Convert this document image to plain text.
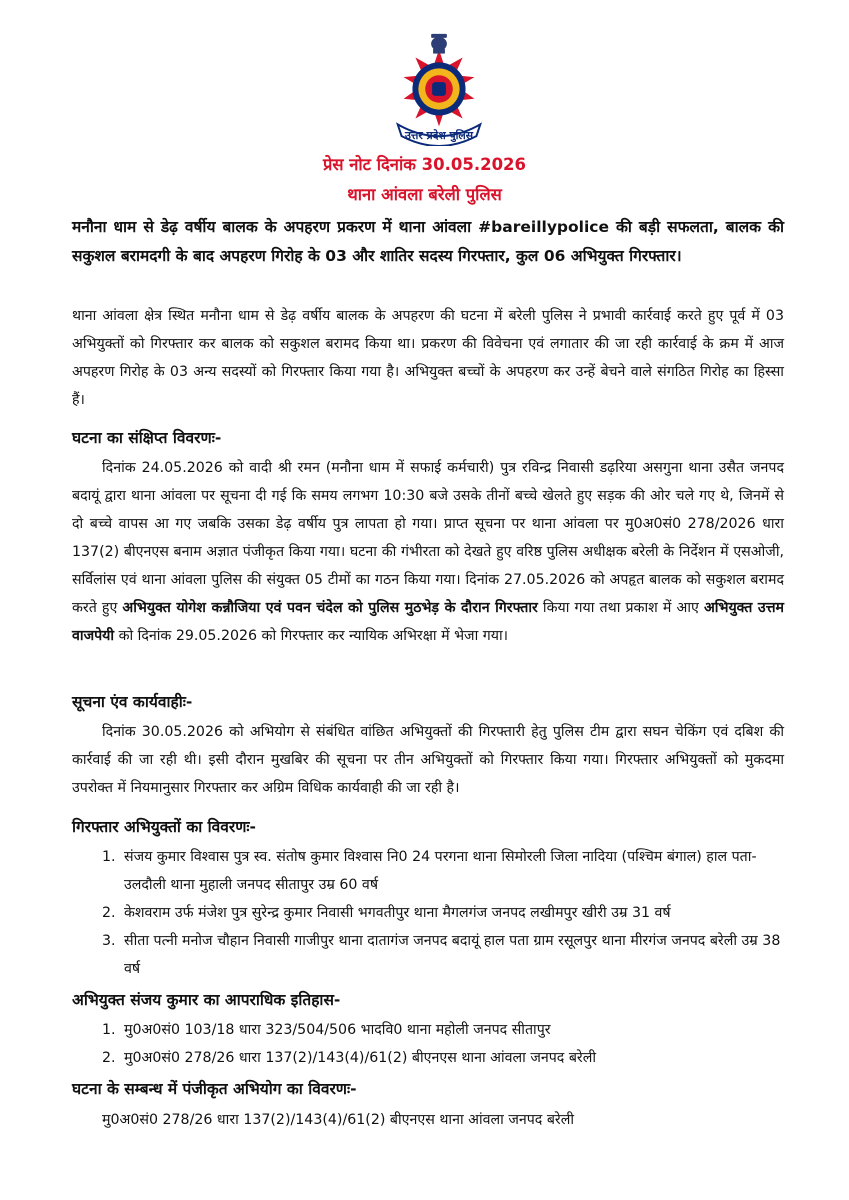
उत्तर प्रदेश पुलिस
प्रेस नोट दिनांक 30.05.2026
थाना आंवला बरेली पुलिस
मनौना धाम से डेढ़ वर्षीय बालक के अपहरण प्रकरण में थाना आंवला #bareillypolice की बड़ी सफलता, बालक की सकुशल बरामदगी के बाद अपहरण गिरोह के 03 और शातिर सदस्य गिरफ्तार, कुल 06 अभियुक्त गिरफ्तार।
थाना आंवला क्षेत्र स्थित मनौना धाम से डेढ़ वर्षीय बालक के अपहरण की घटना में बरेली पुलिस ने प्रभावी कार्रवाई करते हुए पूर्व में 03 अभियुक्तों को गिरफ्तार कर बालक को सकुशल बरामद किया था। प्रकरण की विवेचना एवं लगातार की जा रही कार्रवाई के क्रम में आज अपहरण गिरोह के 03 अन्य सदस्यों को गिरफ्तार किया गया है। अभियुक्त बच्चों के अपहरण कर उन्हें बेचने वाले संगठित गिरोह का हिस्सा हैं।
घटना का संक्षिप्त विवरणः-
दिनांक 24.05.2026 को वादी श्री रमन (मनौना धाम में सफाई कर्मचारी) पुत्र रविन्द्र निवासी डढ़रिया असगुना थाना उसैत जनपद बदायूं द्वारा थाना आंवला पर सूचना दी गई कि समय लगभग 10:30 बजे उसके तीनों बच्चे खेलते हुए सड़क की ओर चले गए थे, जिनमें से दो बच्चे वापस आ गए जबकि उसका डेढ़ वर्षीय पुत्र लापता हो गया। प्राप्त सूचना पर थाना आंवला पर मु0अ0सं0 278/2026 धारा 137(2) बीएनएस बनाम अज्ञात पंजीकृत किया गया। घटना की गंभीरता को देखते हुए वरिष्ठ पुलिस अधीक्षक बरेली के निर्देशन में एसओजी, सर्विलांस एवं थाना आंवला पुलिस की संयुक्त 05 टीमों का गठन किया गया। दिनांक 27.05.2026 को अपहृत बालक को सकुशल बरामद करते हुए अभियुक्त योगेश कन्नौजिया एवं पवन चंदेल को पुलिस मुठभेड़ के दौरान गिरफ्तार किया गया तथा प्रकाश में आए अभियुक्त उत्तम वाजपेयी को दिनांक 29.05.2026 को गिरफ्तार कर न्यायिक अभिरक्षा में भेजा गया।
सूचना एंव कार्यवाहीः-
दिनांक 30.05.2026 को अभियोग से संबंधित वांछित अभियुक्तों की गिरफ्तारी हेतु पुलिस टीम द्वारा सघन चेकिंग एवं दबिश की कार्रवाई की जा रही थी। इसी दौरान मुखबिर की सूचना पर तीन अभियुक्तों को गिरफ्तार किया गया। गिरफ्तार अभियुक्तों को मुकदमा उपरोक्त में नियमानुसार गिरफ्तार कर अग्रिम विधिक कार्यवाही की जा रही है।
गिरफ्तार अभियुक्तों का विवरणः-
1. संजय कुमार विश्वास पुत्र स्व. संतोष कुमार विश्वास नि0 24 परगना थाना सिमोरली जिला नादिया (पश्चिम बंगाल) हाल पता- उलदौली थाना मुहाली जनपद सीतापुर उम्र 60 वर्ष
2. केशवराम उर्फ मंजेश पुत्र सुरेन्द्र कुमार निवासी भगवतीपुर थाना मैगलगंज जनपद लखीमपुर खीरी उम्र 31 वर्ष
3. सीता पत्नी मनोज चौहान निवासी गाजीपुर थाना दातागंज जनपद बदायूं हाल पता ग्राम रसूलपुर थाना मीरगंज जनपद बरेली उम्र 38 वर्ष
अभियुक्त संजय कुमार का आपराधिक इतिहास-
1. मु0अ0सं0 103/18 धारा 323/504/506 भादवि0 थाना महोली जनपद सीतापुर
2. मु0अ0सं0 278/26 धारा 137(2)/143(4)/61(2) बीएनएस थाना आंवला जनपद बरेली
घटना के सम्बन्ध में पंजीकृत अभियोग का विवरणः-
मु0अ0सं0 278/26 धारा 137(2)/143(4)/61(2) बीएनएस थाना आंवला जनपद बरेली
